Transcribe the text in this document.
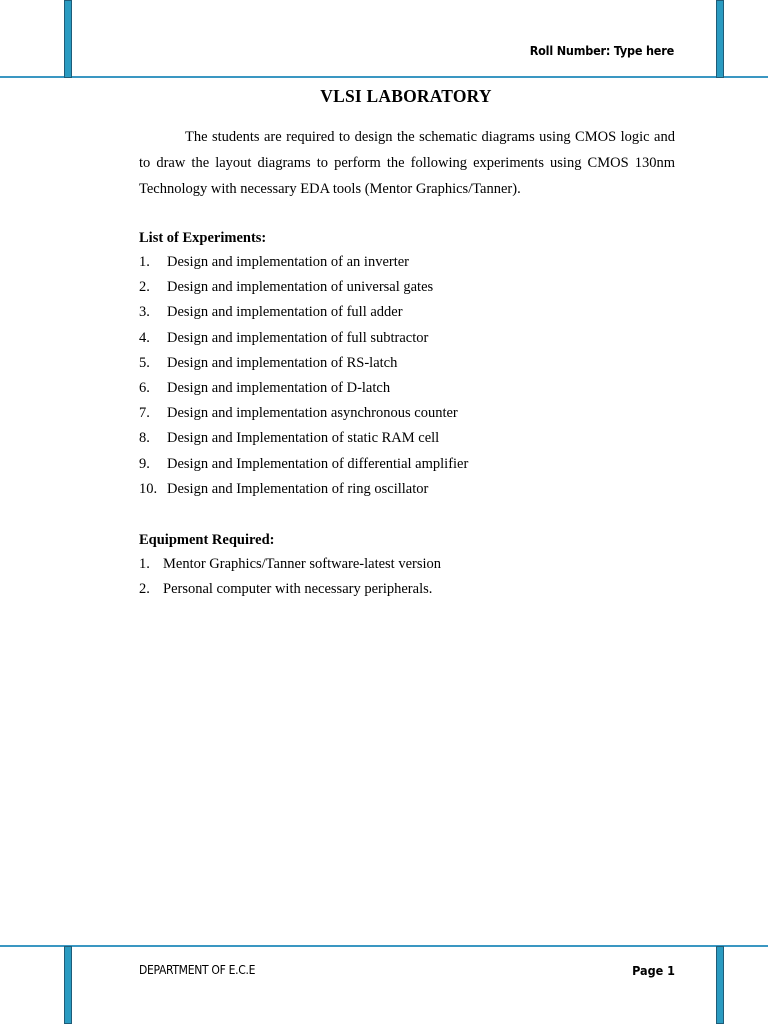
Roll Number: Type here
VLSI LABORATORY

The students are required to design the schematic diagrams using CMOS logic and to draw the layout diagrams to perform the following experiments using CMOS 130nm Technology with necessary EDA tools (Mentor Graphics/Tanner).

List of Experiments:
1. Design and implementation of an inverter
2. Design and implementation of universal gates
3. Design and implementation of full adder
4. Design and implementation of full subtractor
5. Design and implementation of RS-latch
6. Design and implementation of D-latch
7. Design and implementation asynchronous counter
8. Design and Implementation of static RAM cell
9. Design and Implementation of differential amplifier
10. Design and Implementation of ring oscillator
Equipment Required:
1. Mentor Graphics/Tanner software-latest version
2. Personal computer with necessary peripherals.
DEPARTMENT OF E.C.E	Page 1
